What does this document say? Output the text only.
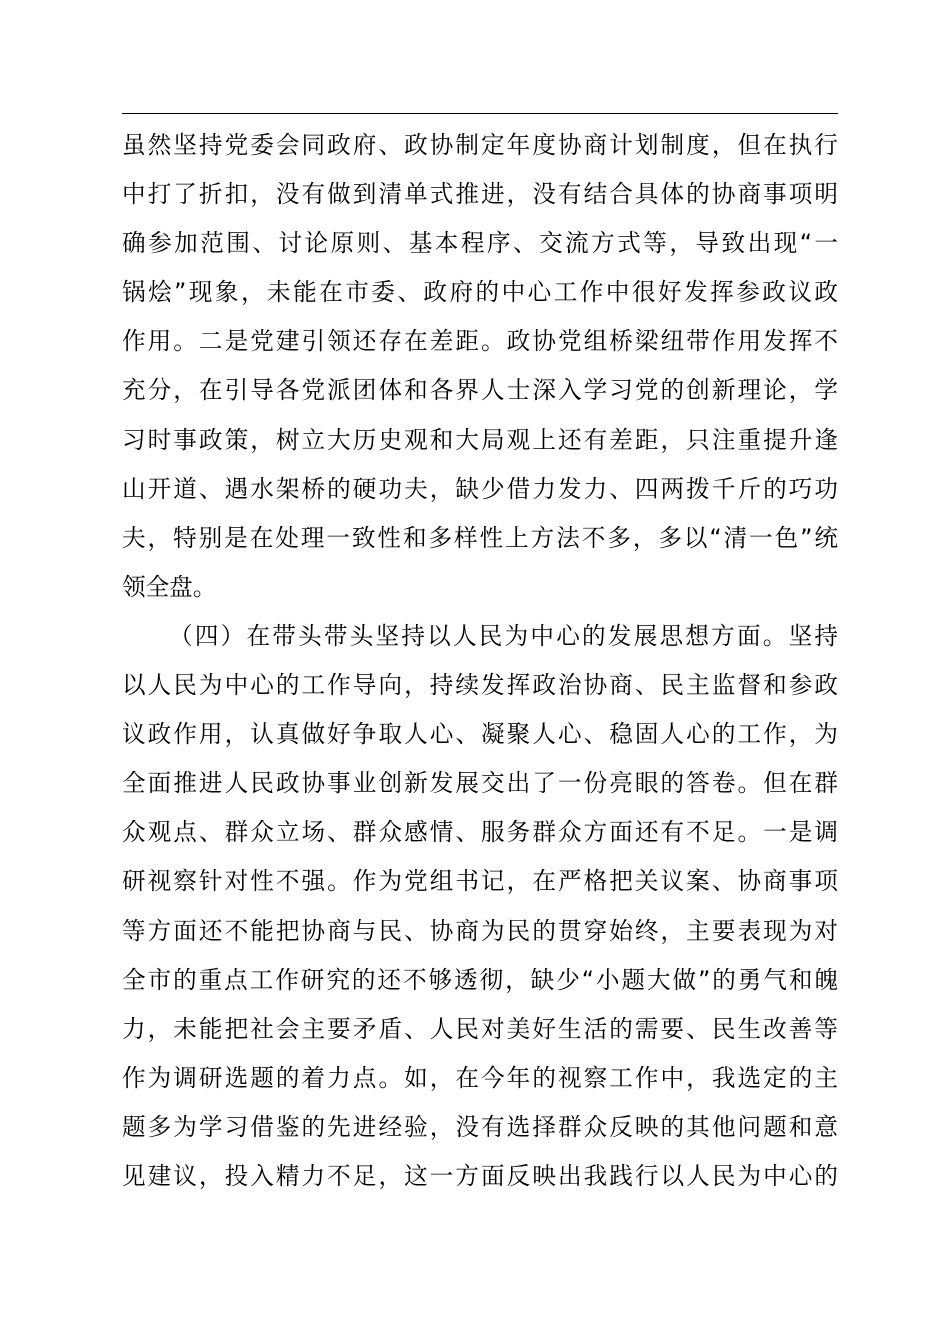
虽然坚持党委会同政府、政协制定年度协商计划制度，但在执行
中打了折扣，没有做到清单式推进，没有结合具体的协商事项明
确参加范围、讨论原则、基本程序、交流方式等，导致出现“一
锅烩”现象，未能在市委、政府的中心工作中很好发挥参政议政
作用。二是党建引领还存在差距。政协党组桥梁纽带作用发挥不
充分，在引导各党派团体和各界人士深入学习党的创新理论，学
习时事政策，树立大历史观和大局观上还有差距，只注重提升逢
山开道、遇水架桥的硬功夫，缺少借力发力、四两拨千斤的巧功
夫，特别是在处理一致性和多样性上方法不多，多以“清一色”统
领全盘。
（四）在带头带头坚持以人民为中心的发展思想方面。坚持
以人民为中心的工作导向，持续发挥政治协商、民主监督和参政
议政作用，认真做好争取人心、凝聚人心、稳固人心的工作，为
全面推进人民政协事业创新发展交出了一份亮眼的答卷。但在群
众观点、群众立场、群众感情、服务群众方面还有不足。一是调
研视察针对性不强。作为党组书记，在严格把关议案、协商事项
等方面还不能把协商与民、协商为民的贯穿始终，主要表现为对
全市的重点工作研究的还不够透彻，缺少“小题大做”的勇气和魄
力，未能把社会主要矛盾、人民对美好生活的需要、民生改善等
作为调研选题的着力点。如，在今年的视察工作中，我选定的主
题多为学习借鉴的先进经验，没有选择群众反映的其他问题和意
见建议，投入精力不足，这一方面反映出我践行以人民为中心的
